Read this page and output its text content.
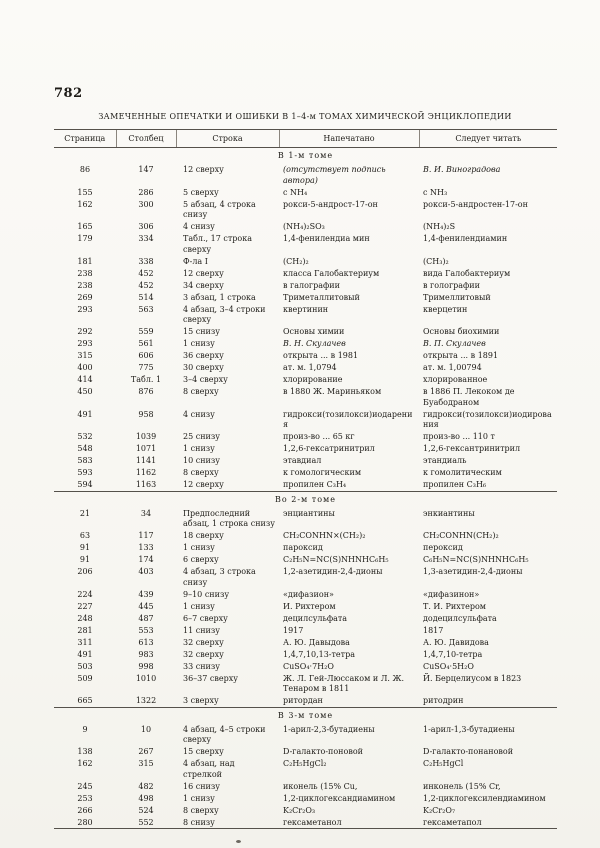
782
ЗАМЕЧЕННЫЕ ОПЕЧАТКИ И ОШИБКИ В 1–4-м ТОМАХ ХИМИЧЕСКОЙ ЭНЦИКЛОПЕДИИ
Страница	Столбец	Строка	Напечатано	Следует читать
В 1-м томе				
86	147	12 сверху	(отсутствует подпись автора)	В. И. Виноградова
155	286	5 сверху	с NH₄	с NH₃
162	300	5 абзац, 4 строка снизу	рокси-5-андрост-17-он	рокси-5-андростен-17-он
165	306	4 снизу	(NH₄)₂SO₃	(NH₄)₂S
179	334	Табл., 17 строка сверху	1,4-фенилендиа мин	1,4-фенилендиамин
181	338	Ф-ла I	(CH₂)₂	(CH₃)₂
238	452	12 сверху	класса Галобактериум	вида Галобактериум
238	452	34 сверху	в галографии	в голографии
269	514	3 абзац, 1 строка	Триметаллитовый	Тримеллитовый
293	563	4 абзац, 3–4 строки сверху	квертинин	кверцетин
292	559	15 снизу	Основы химии	Основы биохимии
293	561	1 снизу	В. Н. Скулачев	В. П. Скулачев
315	606	36 сверху	открыта ... в 1981	открыта ... в 1891
400	775	30 сверху	ат. м. 1,0794	ат. м. 1,00794
414	Табл. 1	3–4 сверху	хлорирование	хлорированное
450	876	8 сверху	в 1880 Ж. Мариньяком	в 1886 П. Лекоком де Буабодраном
491	958	4 снизу	гидрокси(тозилокси)иодарения	гидрокси(тозилокси)иодирования
532	1039	25 снизу	произ-во ... 65 кг	произ-во ... 110 т
548	1071	1 снизу	1,2,6-гексатринитрил	1,2,6-гексантринитрил
583	1141	10 снизу	этавдиал	этандиаль
593	1162	8 сверху	к гомологическим	к гомолитическим
594	1163	12 сверху	пропилен C₃H₄	пропилен C₃H₆
Во 2-м томе				
21	34	Предпоследний абзац, 1 строка снизу	энциантины	энкиантины
63	117	18 сверху	CH₂CONHN×(CH₂)₂	CH₂CONHN(CH₂)₂
91	133	1 снизу	пароксид	пероксид
91	174	6 сверху	C₂H₅N=NC(S)NHNHC₆H₅	C₆H₅N=NC(S)NHNHC₆H₅
206	403	4 абзац, 3 строка снизу	1,2-азетидин-2,4-дионы	1,3-азетидин-2,4-дионы
224	439	9–10 снизу	«дифазион»	«дифазинон»
227	445	1 снизу	И. Рихтером	Т. И. Рихтером
248	487	6–7 сверху	децилсульфата	додецилсульфата
281	553	11 снизу	1917	1817
311	613	32 сверху	А. Ю. Давыдова	А. Ю. Давидова
491	983	32 сверху	1,4,7,10,13-тетра	1,4,7,10-тетра
503	998	33 снизу	CuSO₄·7H₂O	CuSO₄·5H₂O
509	1010	36–37 сверху	Ж. Л. Гей-Люссаком и Л. Ж. Тенаром в 1811	Й. Берцелиусом в 1823
665	1322	3 сверху	ритордан	ритодрин
В 3-м томе				
9	10	4 абзац, 4–5 строки сверху	1-арил-2,3-бутадиены	1-арил-1,3-бутадиены
138	267	15 сверху	D-галакто-поновой	D-галакто-понановой
162	315	4 абзац, над стрелкой	C₂H₅HgCl₂	C₂H₅HgCl
245	482	16 снизу	иконель (15% Cu,	инконель (15% Cr,
253	498	1 снизу	1,2-циклогександиамином	1,2-циклогексилендиамином
266	524	8 сверху	K₂Cr₂O₃	K₂Cr₂O₇
280	552	8 снизу	гексаметанол	гексаметапол
